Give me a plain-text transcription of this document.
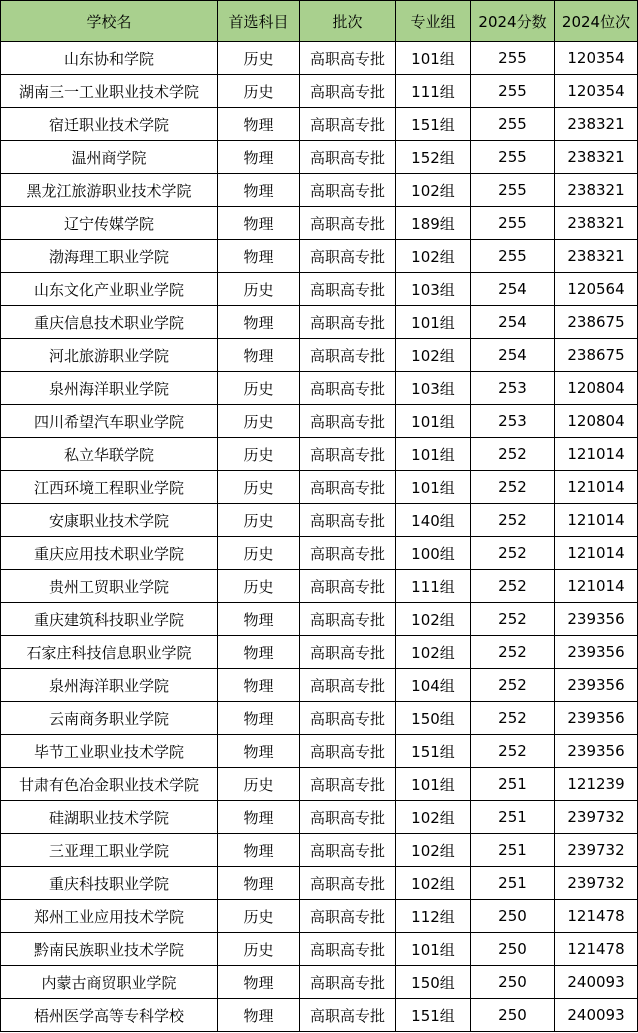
学校名	首选科目	批次	专业组	2024分数	2024位次
山东协和学院	历史	高职高专批	101组	255	120354
湖南三一工业职业技术学院	历史	高职高专批	111组	255	120354
宿迁职业技术学院	物理	高职高专批	151组	255	238321
温州商学院	物理	高职高专批	152组	255	238321
黑龙江旅游职业技术学院	物理	高职高专批	102组	255	238321
辽宁传媒学院	物理	高职高专批	189组	255	238321
渤海理工职业学院	物理	高职高专批	102组	255	238321
山东文化产业职业学院	历史	高职高专批	103组	254	120564
重庆信息技术职业学院	物理	高职高专批	101组	254	238675
河北旅游职业学院	物理	高职高专批	102组	254	238675
泉州海洋职业学院	历史	高职高专批	103组	253	120804
四川希望汽车职业学院	历史	高职高专批	101组	253	120804
私立华联学院	历史	高职高专批	101组	252	121014
江西环境工程职业学院	历史	高职高专批	101组	252	121014
安康职业技术学院	历史	高职高专批	140组	252	121014
重庆应用技术职业学院	历史	高职高专批	100组	252	121014
贵州工贸职业学院	历史	高职高专批	111组	252	121014
重庆建筑科技职业学院	物理	高职高专批	102组	252	239356
石家庄科技信息职业学院	物理	高职高专批	102组	252	239356
泉州海洋职业学院	物理	高职高专批	104组	252	239356
云南商务职业学院	物理	高职高专批	150组	252	239356
毕节工业职业技术学院	物理	高职高专批	151组	252	239356
甘肃有色冶金职业技术学院	历史	高职高专批	101组	251	121239
硅湖职业技术学院	物理	高职高专批	102组	251	239732
三亚理工职业学院	物理	高职高专批	102组	251	239732
重庆科技职业学院	物理	高职高专批	102组	251	239732
郑州工业应用技术学院	历史	高职高专批	112组	250	121478
黔南民族职业技术学院	历史	高职高专批	101组	250	121478
内蒙古商贸职业学院	物理	高职高专批	150组	250	240093
梧州医学高等专科学校	物理	高职高专批	151组	250	240093
